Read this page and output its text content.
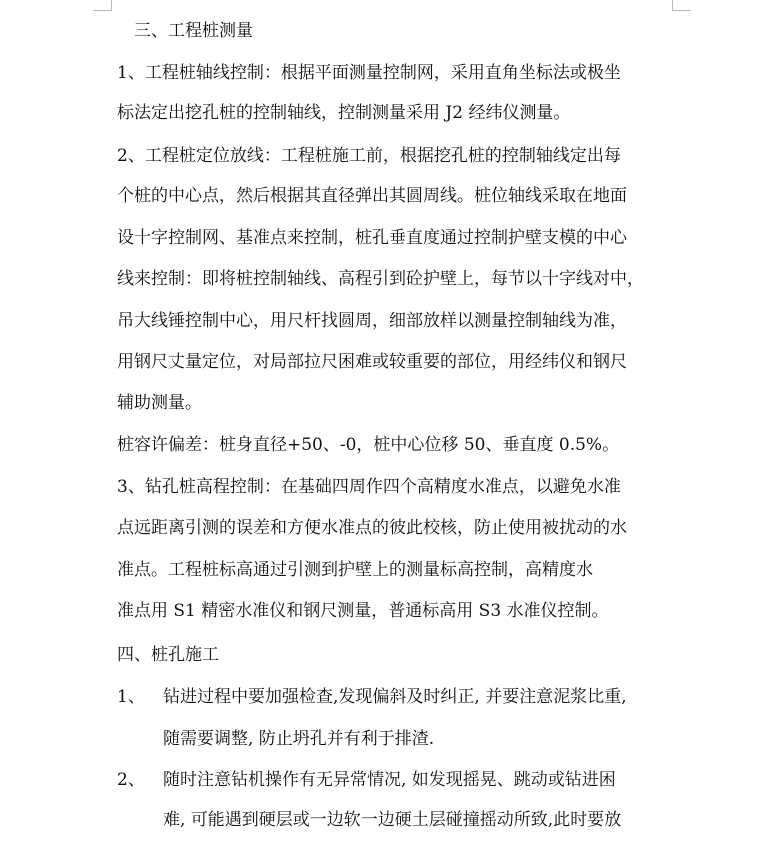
三、工程桩测量
1、工程桩轴线控制：根据平面测量控制网，采用直角坐标法或极坐
标法定出挖孔桩的控制轴线，控制测量采用 J2 经纬仪测量。
2、工程桩定位放线：工程桩施工前，根据挖孔桩的控制轴线定出每
个桩的中心点，然后根据其直径弹出其圆周线。桩位轴线采取在地面
设十字控制网、基准点来控制，桩孔垂直度通过控制护壁支模的中心
线来控制：即将桩控制轴线、高程引到砼护壁上，每节以十字线对中，
吊大线锤控制中心，用尺杆找圆周，细部放样以测量控制轴线为准，
用钢尺丈量定位，对局部拉尺困难或较重要的部位，用经纬仪和钢尺
辅助测量。
桩容许偏差：桩身直径+50、-0，桩中心位移 50、垂直度 0.5%。
3、钻孔桩高程控制：在基础四周作四个高精度水准点，以避免水准
点远距离引测的误差和方便水准点的彼此校核，防止使用被扰动的水
准点。工程桩标高通过引测到护壁上的测量标高控制，高精度水
准点用 S1 精密水准仪和钢尺测量，普通标高用 S3 水准仪控制。
四、桩孔施工
1、 钻进过程中要加强检查,发现偏斜及时纠正, 并要注意泥浆比重,
随需要调整, 防止坍孔并有利于排渣.
2、 随时注意钻机操作有无异常情况, 如发现摇晃、跳动或钻进困
难, 可能遇到硬层或一边软一边硬土层碰撞摇动所致,此时要放
